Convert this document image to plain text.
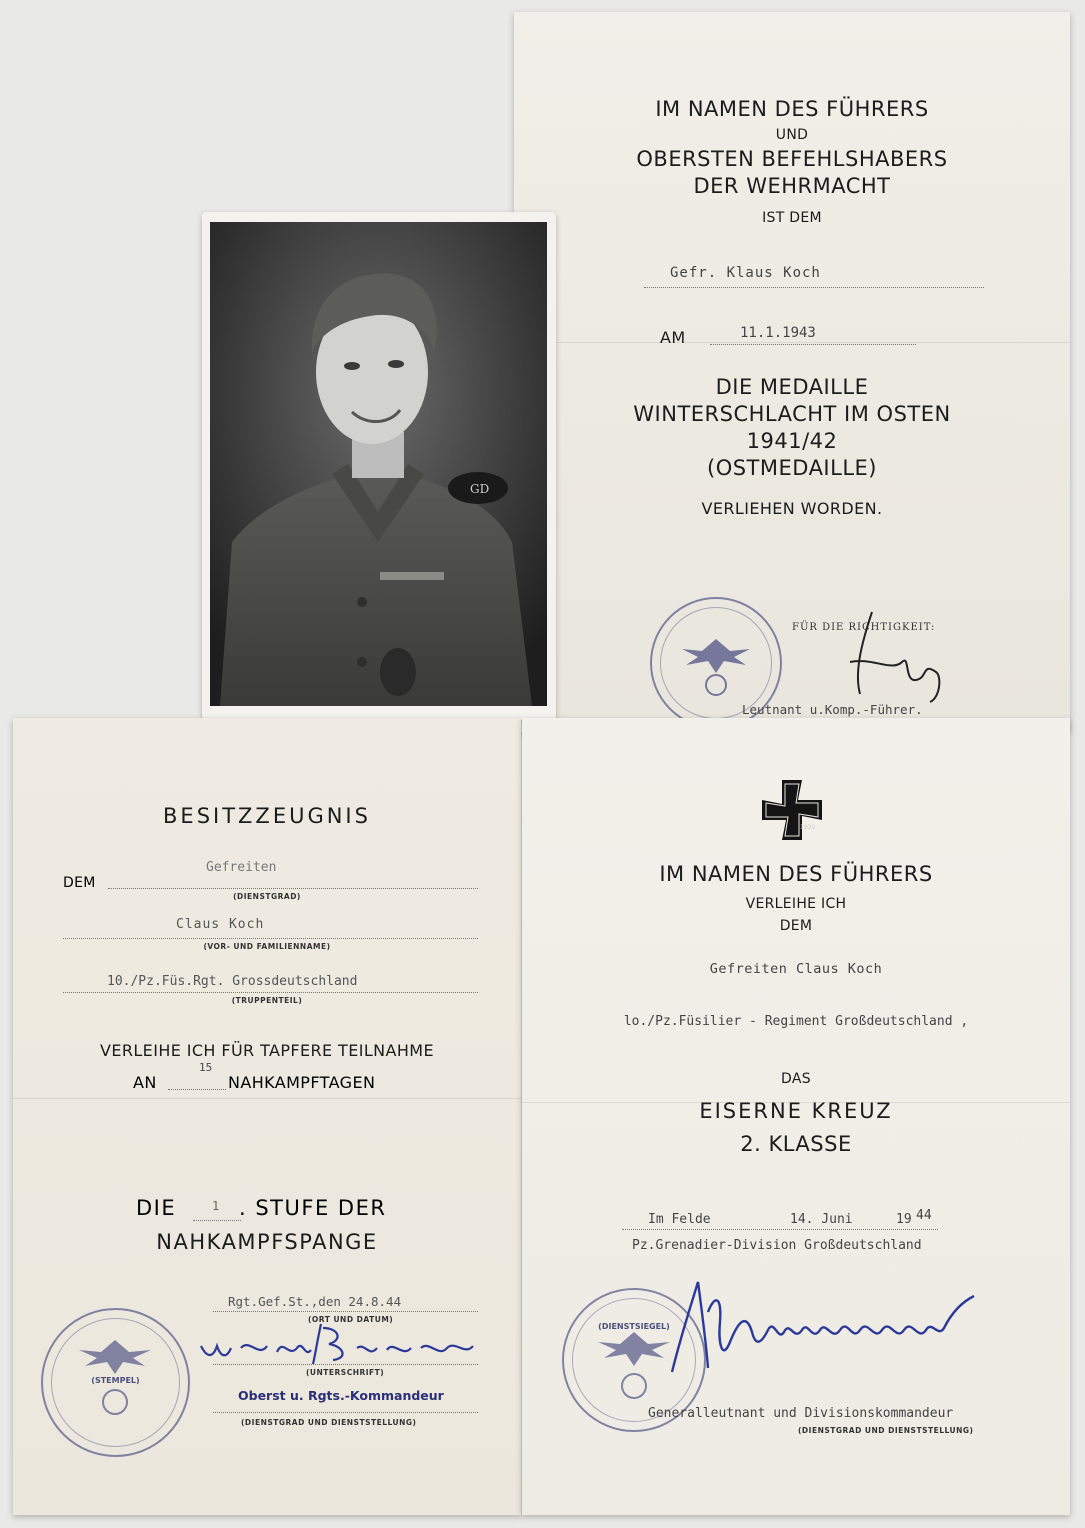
IM NAMEN DES FÜHRERS
UND
OBERSTEN BEFEHLSHABERS
DER WEHRMACHT
IST DEM
Gefr. Klaus Koch
AM	11.1.1943
DIE MEDAILLE
WINTERSCHLACHT IM OSTEN
1941/42
(OSTMEDAILLE)
VERLIEHEN WORDEN.
FÜR DIE RICHTIGKEIT:
Leutnant u.Komp.-Führer.
GD
BESITZZEUGNIS
DEM
Gefreiten
(DIENSTGRAD)
Claus Koch
(VOR- UND FAMILIENNAME)
10./Pz.Füs.Rgt. Grossdeutschland
(TRUPPENTEIL)
VERLEIHE ICH FÜR TAPFERE TEILNAHME
AN
15
NAHKAMPFTAGEN
DIE	1 . STUFE DER
NAHKAMPFSPANGE
Rgt.Gef.St.,den 24.8.44
(ORT UND DATUM)
(UNTERSCHRIFT)
Oberst u. Rgts.-Kommandeur
(DIENSTGRAD UND DIENSTSTELLUNG)
(STEMPEL)
1939
IM NAMEN DES FÜHRERS
VERLEIHE ICH
DEM
Gefreiten Claus Koch
lo./Pz.Füsilier - Regiment Großdeutschland ,
DAS
EISERNE KREUZ
2. KLASSE
Im Felde	14. Juni	19 44
Pz.Grenadier-Division Großdeutschland
(DIENSTSIEGEL)
Generalleutnant und Divisionskommandeur
(DIENSTGRAD UND DIENSTSTELLUNG)
